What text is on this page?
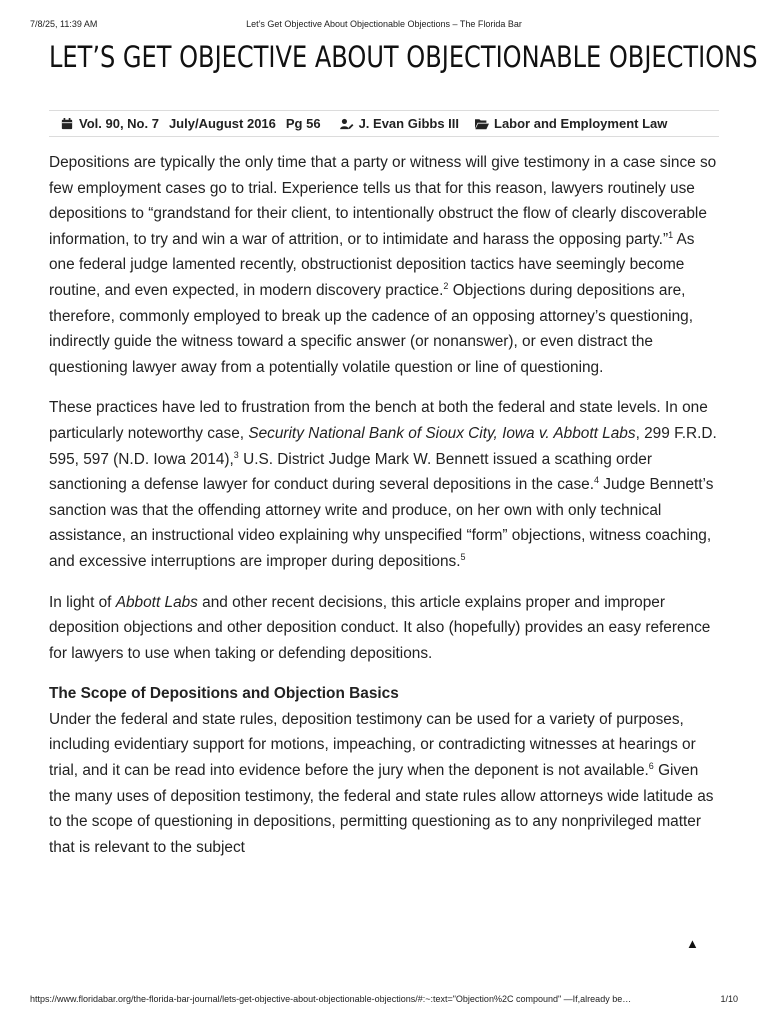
7/8/25, 11:39 AM	Let’s Get Objective About Objectionable Objections – The Florida Bar
LET’S GET OBJECTIVE ABOUT OBJECTIONABLE OBJECTIONS
Vol. 90, No. 7 July/August 2016 Pg 56	J. Evan Gibbs III	Labor and Employment Law

Depositions are typically the only time that a party or witness will give testimony in a case since so few employment cases go to trial. Experience tells us that for this reason, lawyers routinely use depositions to “grandstand for their client, to intentionally obstruct the flow of clearly discoverable information, to try and win a war of attrition, or to intimidate and harass the opposing party.”$^1$ As one federal judge lamented recently, obstructionist deposition tactics have seemingly become routine, and even expected, in modern discovery practice.$^2$ Objections during depositions are, therefore, commonly employed to break up the cadence of an opposing attorney’s questioning, indirectly guide the witness toward a specific answer (or nonanswer), or even distract the questioning lawyer away from a potentially volatile question or line of questioning.

These practices have led to frustration from the bench at both the federal and state levels. In one particularly noteworthy case, Security National Bank of Sioux City, Iowa v. Abbott Labs, 299 F.R.D. 595, 597 (N.D. Iowa 2014),$^3$ U.S. District Judge Mark W. Bennett issued a scathing order sanctioning a defense lawyer for conduct during several depositions in the case.$^4$ Judge Bennett’s sanction was that the offending attorney write and produce, on her own with only technical assistance, an instructional video explaining why unspecified “form” objections, witness coaching, and excessive interruptions are improper during depositions.$^5$

In light of Abbott Labs and other recent decisions, this article explains proper and improper deposition objections and other deposition conduct. It also (hopefully) provides an easy reference for lawyers to use when taking or defending depositions.

The Scope of Depositions and Objection Basics

Under the federal and state rules, deposition testimony can be used for a variety of purposes, including evidentiary support for motions, impeaching, or contradicting witnesses at hearings or trial, and it can be read into evidence before the jury when the deponent is not available.$^6$ Given the many uses of deposition testimony, the federal and state rules allow attorneys wide latitude as to the scope of questioning in depositions, permitting questioning as to any nonprivileged matter that is relevant to the subject

▲
https://www.floridabar.org/the-florida-bar-journal/lets-get-objective-about-objectionable-objections/#:~:text="Objection%2C compound" —If,already be…	1/10
